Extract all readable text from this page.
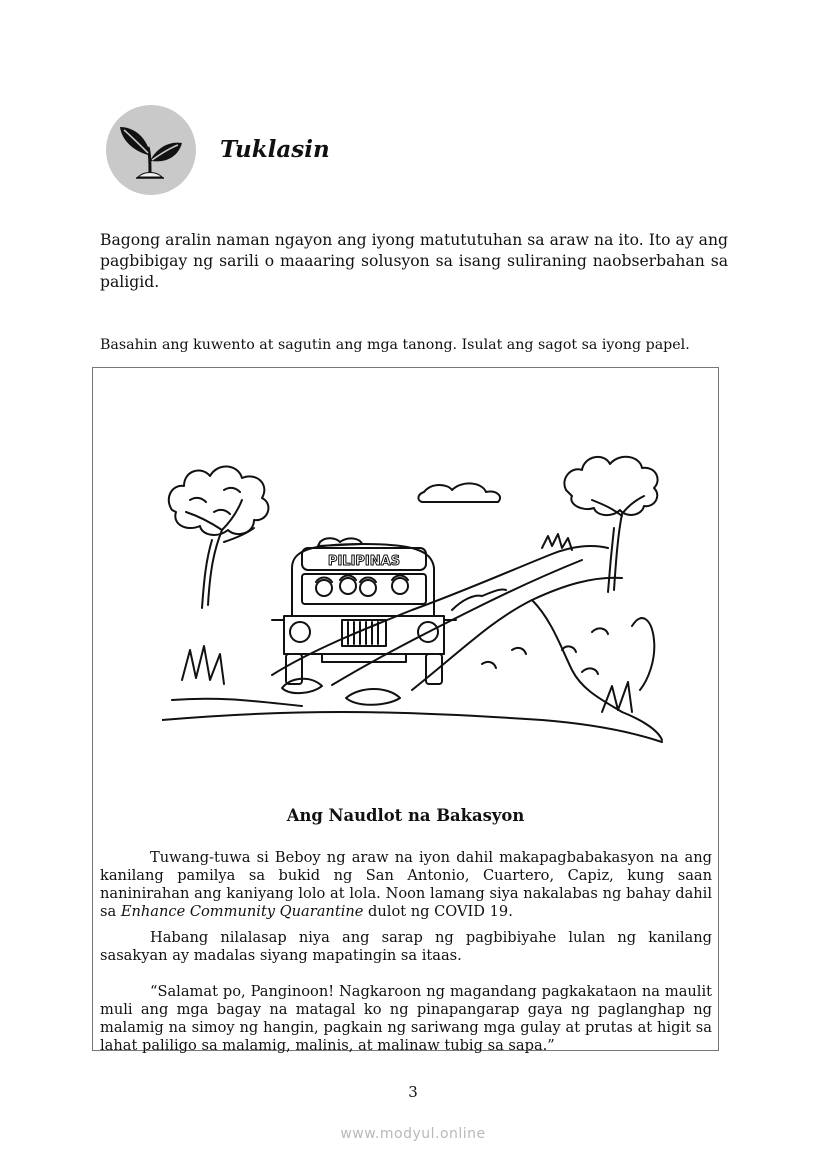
Tuklasin
Bagong aralin naman ngayon ang iyong matututuhan sa araw na ito. Ito ay ang pagbibigay ng sarili o maaaring solusyon sa isang suliraning naobserbahan sa paligid.
Basahin ang kuwento at sagutin ang mga tanong. Isulat ang sagot sa iyong papel.
PILIPINAS
Ang Naudlot na Bakasyon
Tuwang-tuwa si Beboy ng araw na iyon dahil makapagbabakasyon na ang kanilang pamilya sa bukid ng San Antonio, Cuartero, Capiz, kung saan naninirahan ang kaniyang lolo at lola. Noon lamang siya nakalabas ng bahay dahil sa Enhance Community Quarantine dulot ng COVID 19.
Habang nilalasap niya ang sarap ng pagbibiyahe lulan ng kanilang sasakyan ay madalas siyang mapatingin sa itaas.
“Salamat po, Panginoon! Nagkaroon ng magandang pagkakataon na maulit muli ang mga bagay na matagal ko ng pinapangarap gaya ng paglanghap ng malamig na simoy ng hangin, pagkain ng sariwang mga gulay at prutas at higit sa lahat paliligo sa malamig, malinis, at malinaw tubig sa sapa.”
3
www.modyul.online
